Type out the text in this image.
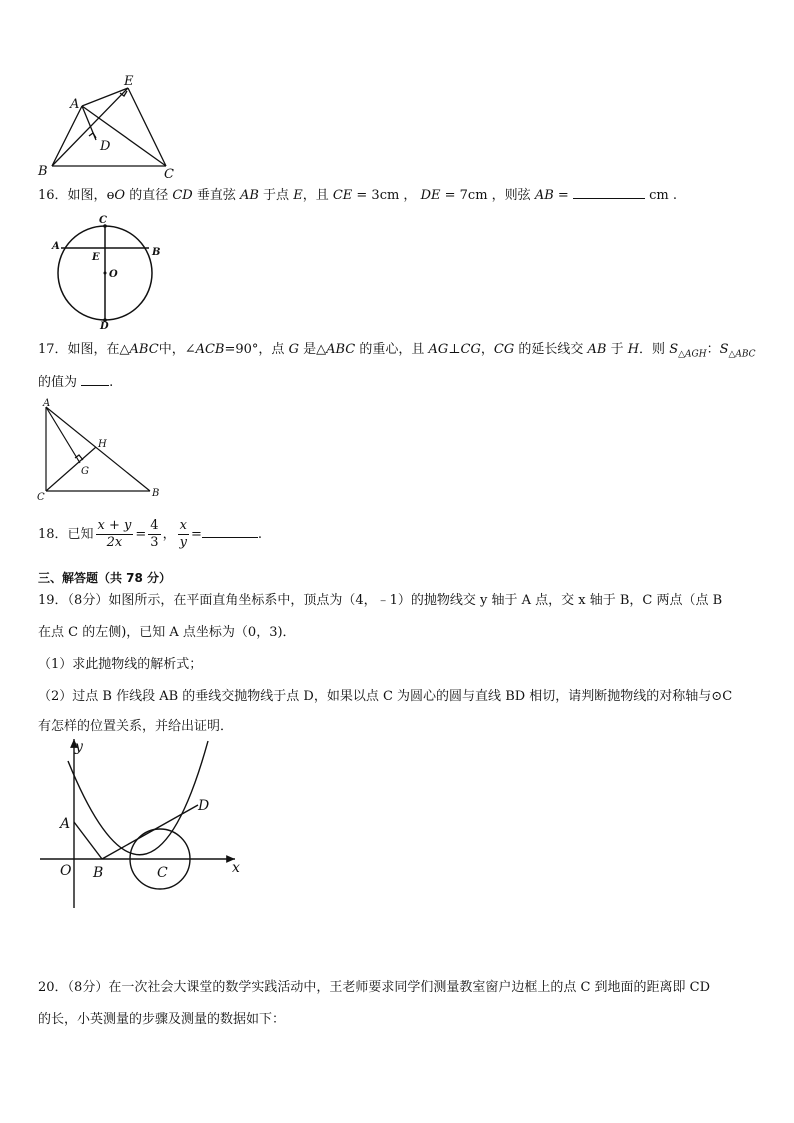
A
E
D
B	C
16．如图，ɵO 的直径 CD 垂直弦 AB 于点 E，且 CE = 3cm ， DE = 7cm ，则弦 AB =	cm .
C
A
B
E
O
D
17．如图，在△ABC中，∠ACB=90°，点 G 是△ABC 的重心，且 AG⊥CG，CG 的延长线交 AB 于 H．则 $S_{\triangle AGH}$：$S_{\triangle ABC}$
的值为 .
A
H
G
C	B
18．已知 $\frac{x + y}{2x} = \frac{4}{3}$ ， $\frac{x}{y}$ =	.
三、解答题（共 78 分）
19．（8分）如图所示，在平面直角坐标系中，顶点为（4，﹣1）的抛物线交 y 轴于 A 点，交 x 轴于 B，C 两点（点 B
在点 C 的左侧)，已知 A 点坐标为（0，3)．
（1）求此抛物线的解析式；
（2）过点 B 作线段 AB 的垂线交抛物线于点 D，如果以点 C 为圆心的圆与直线 BD 相切，请判断抛物线的对称轴与⊙C
有怎样的位置关系，并给出证明．
y
x
A
O B	C
D
20．（8分）在一次社会大课堂的数学实践活动中，王老师要求同学们测量教室窗户边框上的点 C 到地面的距离即 CD
的长，小英测量的步骤及测量的数据如下：
